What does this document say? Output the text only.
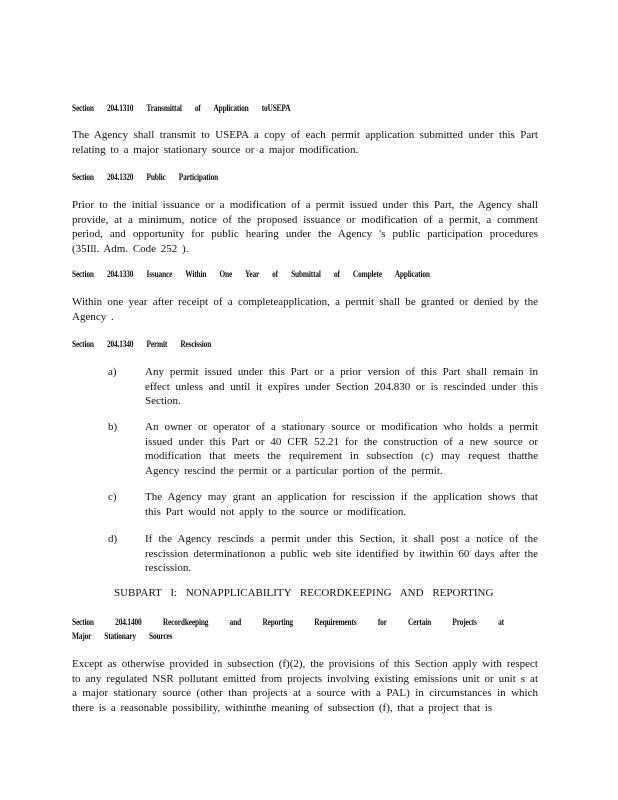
Section 204.1310 Transmittal of Application toUSEPA
The Agency shall transmit to USEPA a copy of each permit application submitted under this Part relating to a major stationary source or a major modification.
Section 204.1320 Public Participation
Prior to the initial issuance or a modification of a permit issued under this Part, the Agency shall provide, at a minimum, notice of the proposed issuance or modification of a permit, a comment period, and opportunity for public hearing under the Agency 's public participation procedures (35Ill. Adm. Code 252 ).
Section 204.1330 Issuance Within One Year of Submittal of Complete Application
Within one year after receipt of a completeapplication, a permit shall be granted or denied by the Agency .
Section 204.1340 Permit Rescission
a)	Any permit issued under this Part or a prior version of this Part shall remain in effect unless and until it expires under Section 204.830 or is rescinded under this Section.
b)	An owner or operator of a stationary source or modification who holds a permit issued under this Part or 40 CFR 52.21 for the construction of a new source or modification that meets the requirement in subsection (c) may request thatthe Agency rescind the permit or a particular portion of the permit.
c)	The Agency may grant an application for rescission if the application shows that this Part would not apply to the source or modification.
d)	If the Agency rescinds a permit under this Section, it shall post a notice of the rescission determinationon a public web site identified by itwithin 60 days after the rescission.
SUBPART I: NONAPPLICABILITY RECORDKEEPING AND REPORTING
Section 204.1400 Recordkeeping and Reporting Requirements for Certain Projects at
Major Stationary Sources
Except as otherwise provided in subsection (f)(2), the provisions of this Section apply with respect to any regulated NSR pollutant emitted from projects involving existing emissions unit or unit s at a major stationary source (other than projects at a source with a PAL) in circumstances in which there is a reasonable possibility, withinthe meaning of subsection (f), that a project that is
